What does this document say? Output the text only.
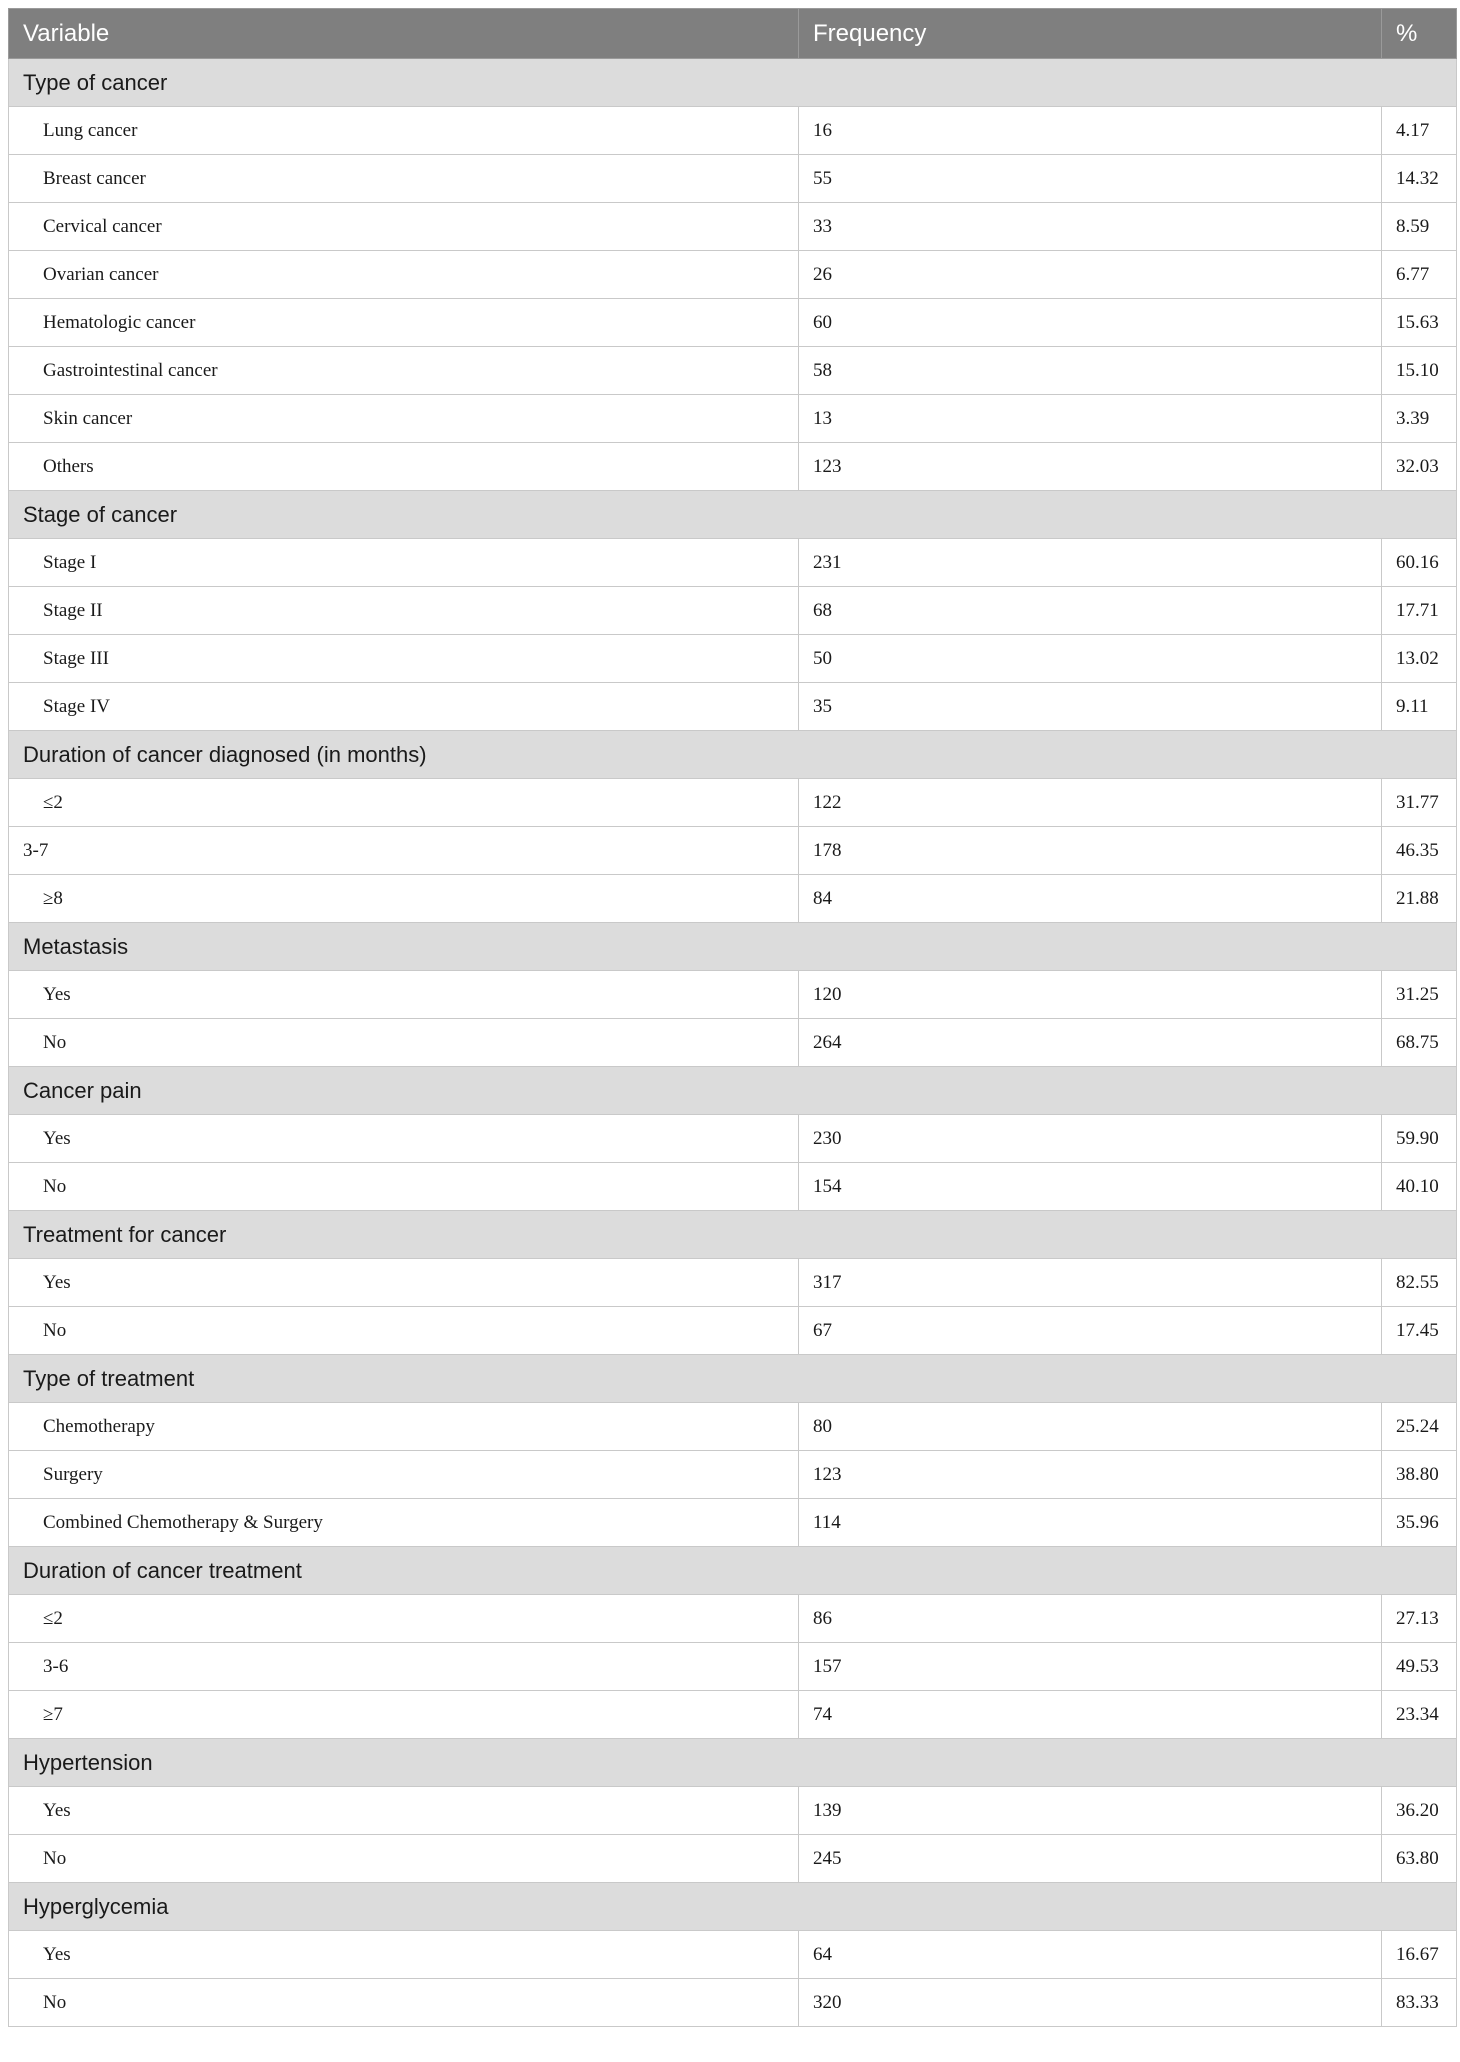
Variable	Frequency	%
Type of cancer		
Lung cancer	16	4.17
Breast cancer	55	14.32
Cervical cancer	33	8.59
Ovarian cancer	26	6.77
Hematologic cancer	60	15.63
Gastrointestinal cancer	58	15.10
Skin cancer	13	3.39
Others	123	32.03
Stage of cancer		
Stage I	231	60.16
Stage II	68	17.71
Stage III	50	13.02
Stage IV	35	9.11
Duration of cancer diagnosed (in months)		
≤2	122	31.77
3-7	178	46.35
≥8	84	21.88
Metastasis		
Yes	120	31.25
No	264	68.75
Cancer pain		
Yes	230	59.90
No	154	40.10
Treatment for cancer		
Yes	317	82.55
No	67	17.45
Type of treatment		
Chemotherapy	80	25.24
Surgery	123	38.80
Combined Chemotherapy & Surgery	114	35.96
Duration of cancer treatment		
≤2	86	27.13
3-6	157	49.53
≥7	74	23.34
Hypertension		
Yes	139	36.20
No	245	63.80
Hyperglycemia		
Yes	64	16.67
No	320	83.33
